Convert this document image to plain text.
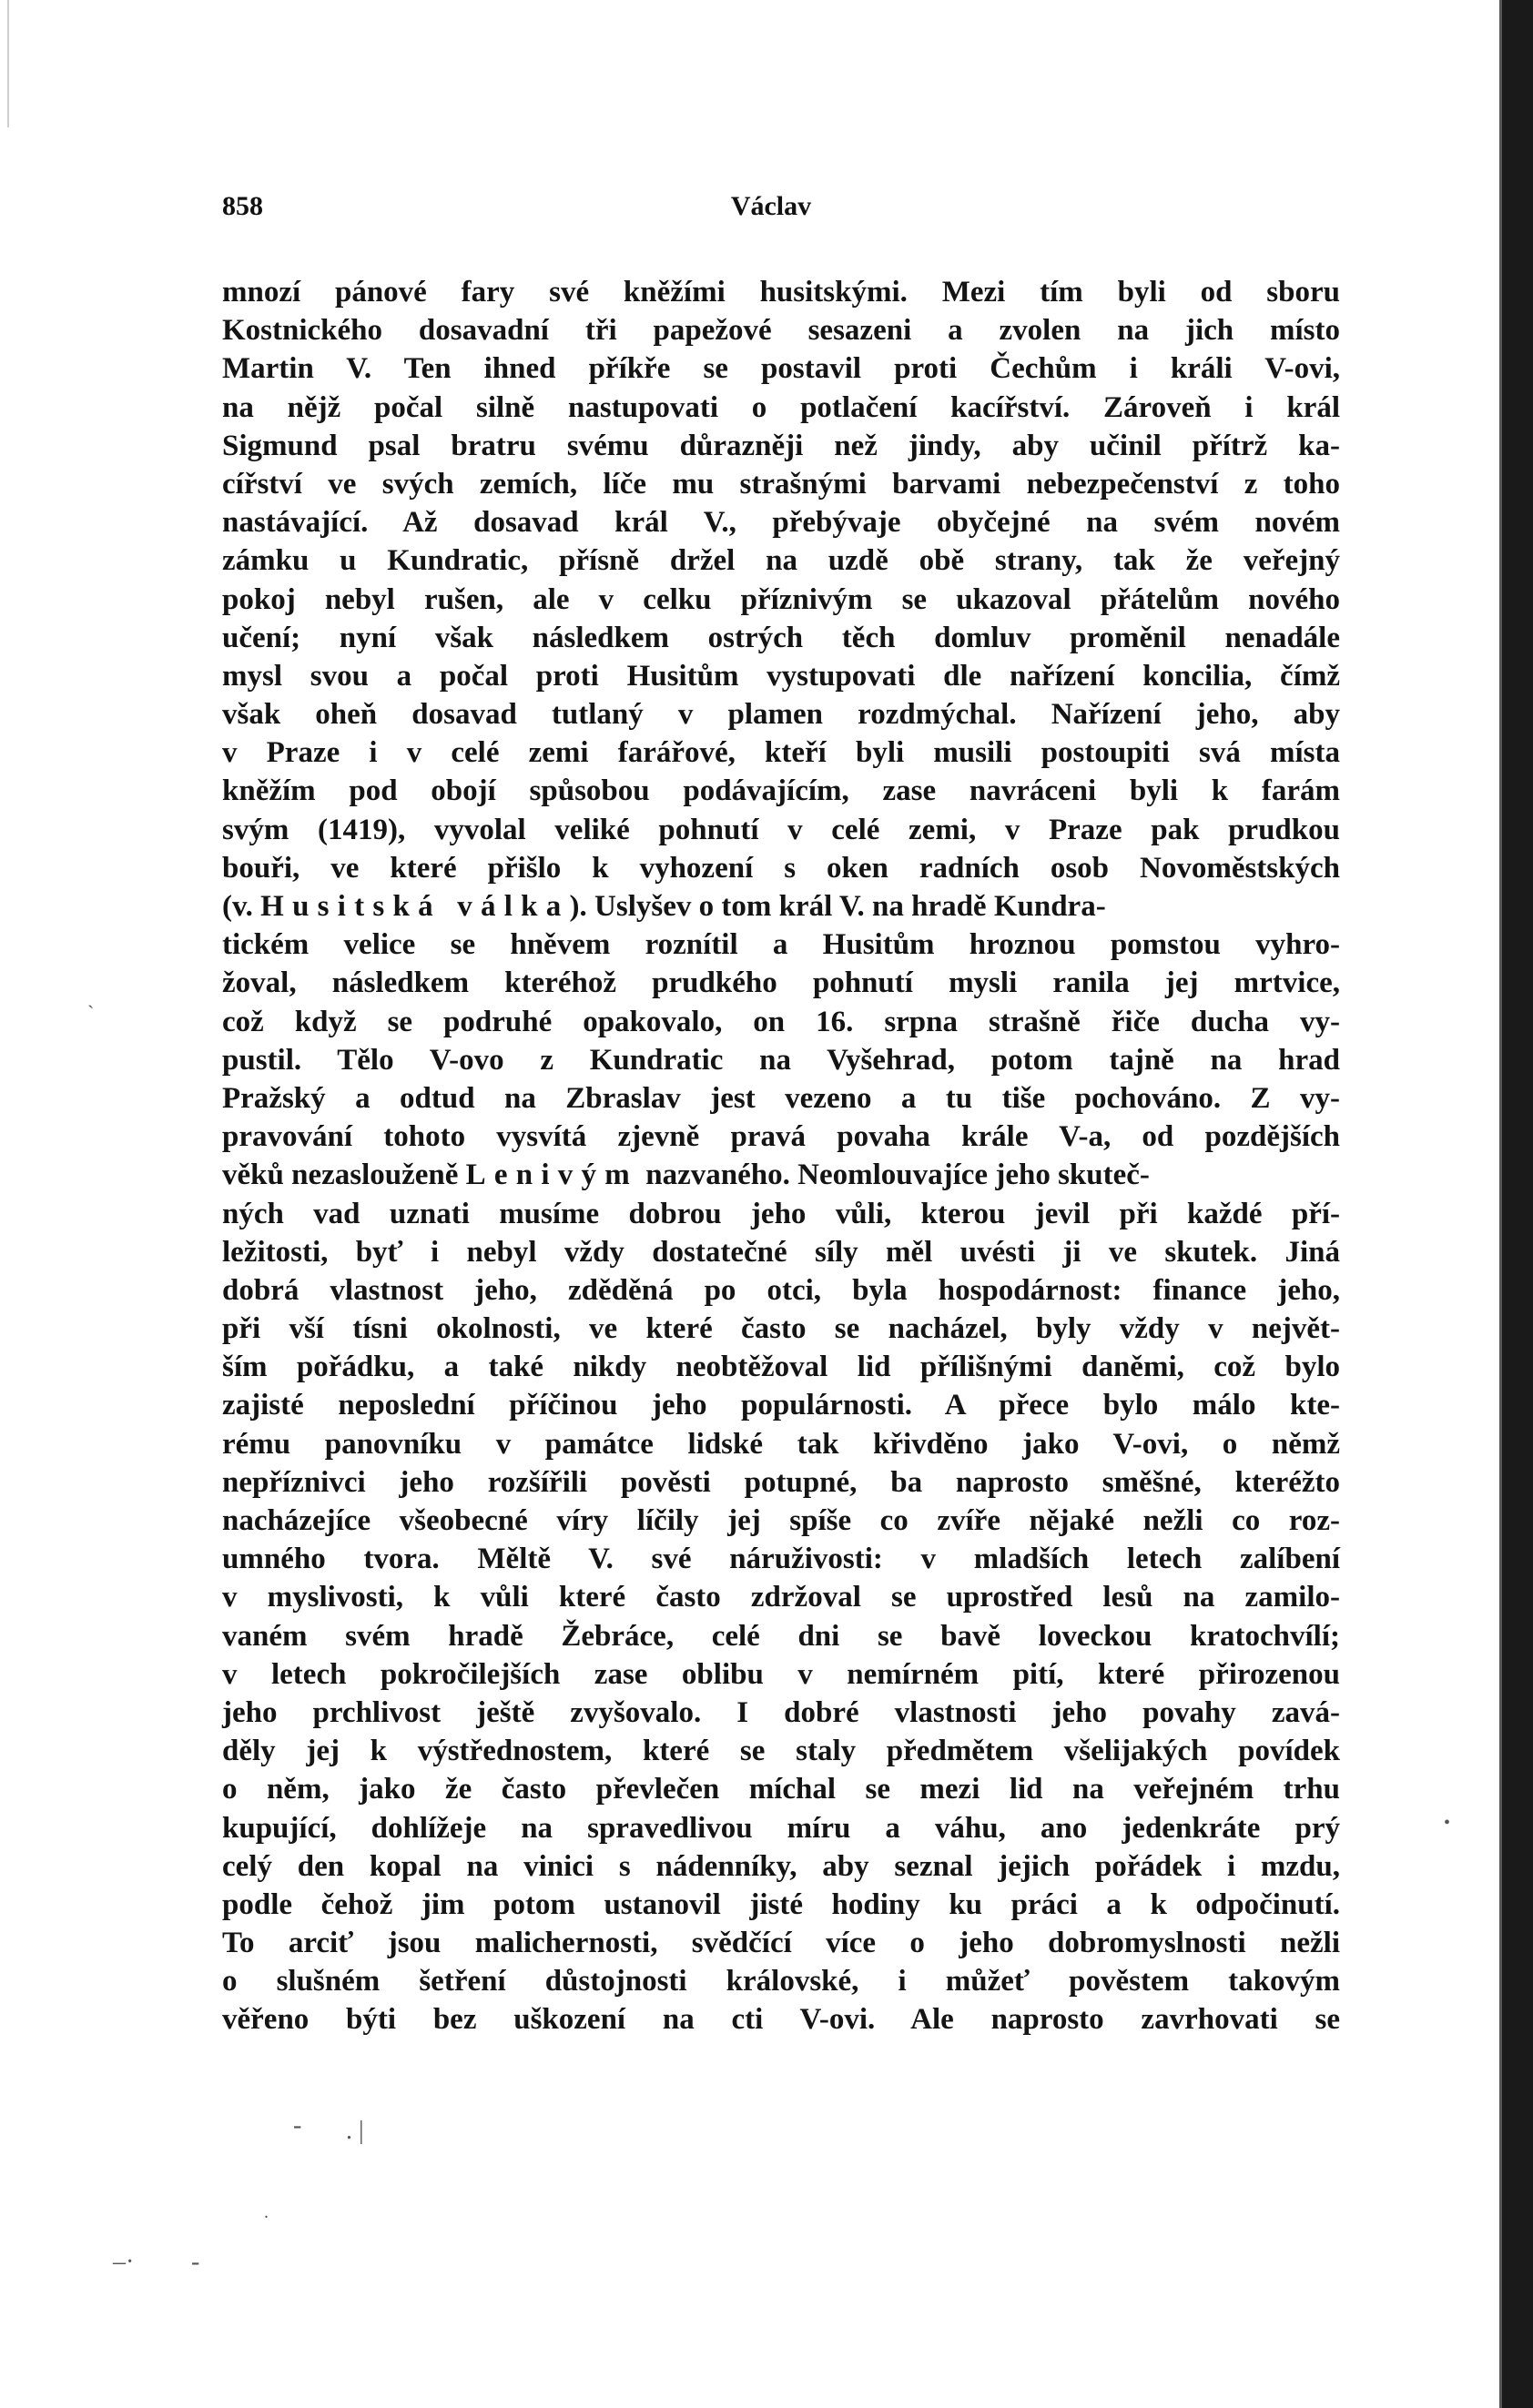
858	Václav
mnozí pánové fary své kněžími husitskými. Mezi tím byli od sboru
Kostnického dosavadní tři papežové sesazeni a zvolen na jich místo
Martin V. Ten ihned příkře se postavil proti Čechům i králi V-ovi,
na nějž počal silně nastupovati o potlačení kacířství. Zároveň i král
Sigmund psal bratru svému důrazněji než jindy, aby učinil přítrž ka-
cířství ve svých zemích, líče mu strašnými barvami nebezpečenství z toho
nastávající. Až dosavad král V., přebývaje obyčejné na svém novém
zámku u Kundratic, přísně držel na uzdě obě strany, tak že veřejný
pokoj nebyl rušen, ale v celku příznivým se ukazoval přátelům nového
učení; nyní však následkem ostrých těch domluv proměnil nenadále
mysl svou a počal proti Husitům vystupovati dle nařízení koncilia, čímž
však oheň dosavad tutlaný v plamen rozdmýchal. Nařízení jeho, aby
v Praze i v celé zemi farářové, kteří byli musili postoupiti svá místa
kněžím pod obojí spůsobou podávajícím, zase navráceni byli k farám
svým (1419), vyvolal veliké pohnutí v celé zemi, v Praze pak prudkou
bouři, ve které přišlo k vyhození s oken radních osob Novoměstských
(v. Husitská válka). Uslyšev o tom král V. na hradě Kundra-
tickém velice se hněvem roznítil a Husitům hroznou pomstou vyhro-
žoval, následkem kteréhož prudkého pohnutí mysli ranila jej mrtvice,
což když se podruhé opakovalo, on 16. srpna strašně řiče ducha vy-
pustil. Tělo V-ovo z Kundratic na Vyšehrad, potom tajně na hrad
Pražský a odtud na Zbraslav jest vezeno a tu tiše pochováno. Z vy-
pravování tohoto vysvítá zjevně pravá povaha krále V-a, od pozdějších
věků nezaslouženě Lenivým nazvaného. Neomlouvajíce jeho skuteč-
ných vad uznati musíme dobrou jeho vůli, kterou jevil při každé pří-
ležitosti, byť i nebyl vždy dostatečné síly měl uvésti ji ve skutek. Jiná
dobrá vlastnost jeho, zděděná po otci, byla hospodárnost: finance jeho,
při vší tísni okolnosti, ve které často se nacházel, byly vždy v největ-
ším pořádku, a také nikdy neobtěžoval lid přílišnými daněmi, což bylo
zajisté neposlední příčinou jeho populárnosti. A přece bylo málo kte-
rému panovníku v památce lidské tak křivděno jako V-ovi, o němž
nepříznivci jeho rozšířili pověsti potupné, ba naprosto směšné, kteréžto
nacházejíce všeobecné víry líčily jej spíše co zvíře nějaké nežli co roz-
umného tvora. Měltě V. své náruživosti: v mladších letech zalíbení
v myslivosti, k vůli které často zdržoval se uprostřed lesů na zamilo-
vaném svém hradě Žebráce, celé dni se bavě loveckou kratochvílí;
v letech pokročilejších zase oblibu v nemírném pití, které přirozenou
jeho prchlivost ještě zvyšovalo. I dobré vlastnosti jeho povahy zavá-
děly jej k výstřednostem, které se staly předmětem všelijakých povídek
o něm, jako že často převlečen míchal se mezi lid na veřejném trhu
kupující, dohlížeje na spravedlivou míru a váhu, ano jedenkráte prý
celý den kopal na vinici s nádenníky, aby seznal jejich pořádek i mzdu,
podle čehož jim potom ustanovil jisté hodiny ku práci a k odpočinutí.
To arciť jsou malichernosti, svědčící více o jeho dobromyslnosti nežli
o slušném šetření důstojnosti královské, i můžeť pověstem takovým
věřeno býti bez uškození na cti V-ovi. Ale naprosto zavrhovati se
- . |
.
–· -
`
•
